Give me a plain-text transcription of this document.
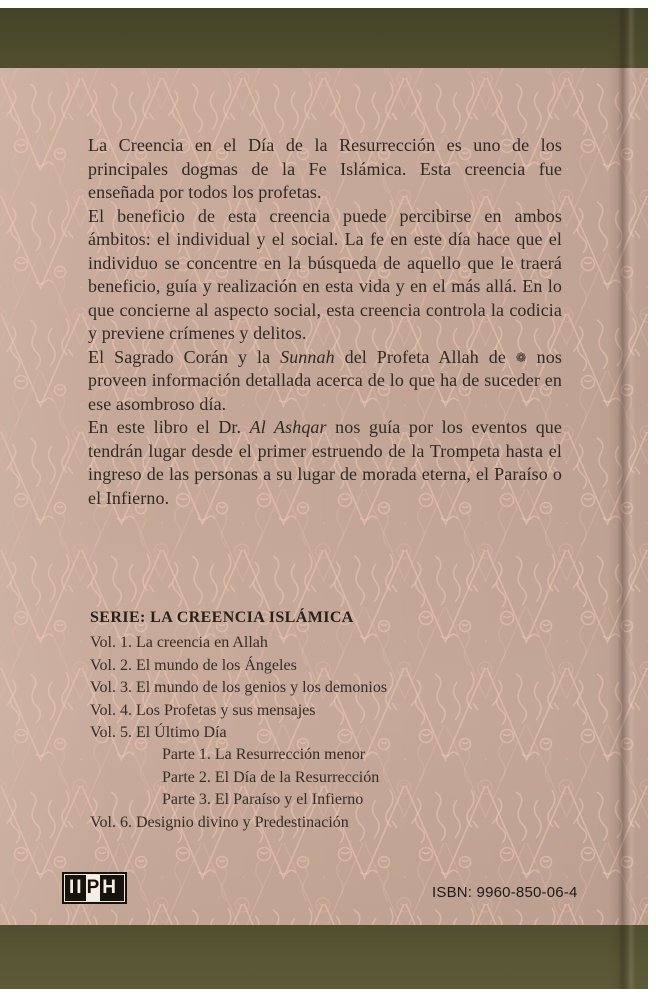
La Creencia en el Día de la Resurrección es uno de los principales dogmas de la Fe Islámica. Esta creencia fue enseñada por todos los profetas.

El beneficio de esta creencia puede percibirse en ambos ámbitos: el individual y el social. La fe en este día hace que el individuo se concentre en la búsqueda de aquello que le traerá beneficio, guía y realización en esta vida y en el más allá. En lo que concierne al aspecto social, esta creencia controla la codicia y previene crímenes y delitos.

El Sagrado Corán y la Sunnah del Profeta Allah de ❁ nos proveen información detallada acerca de lo que ha de suceder en ese asombroso día.

En este libro el Dr. Al Ashqar nos guía por los eventos que tendrán lugar desde el primer estruendo de la Trompeta hasta el ingreso de las personas a su lugar de morada eterna, el Paraíso o el Infierno.

SERIE: LA CREENCIA ISLÁMICA
Vol. 1. La creencia en Allah
Vol. 2. El mundo de los Ángeles
Vol. 3. El mundo de los genios y los demonios
Vol. 4. Los Profetas y sus mensajes
Vol. 5. El Último Día
Parte 1. La Resurrección menor
Parte 2. El Día de la Resurrección
Parte 3. El Paraíso y el Infierno
Vol. 6. Designio divino y Predestinación
II P H	ISBN: 9960-850-06-4
